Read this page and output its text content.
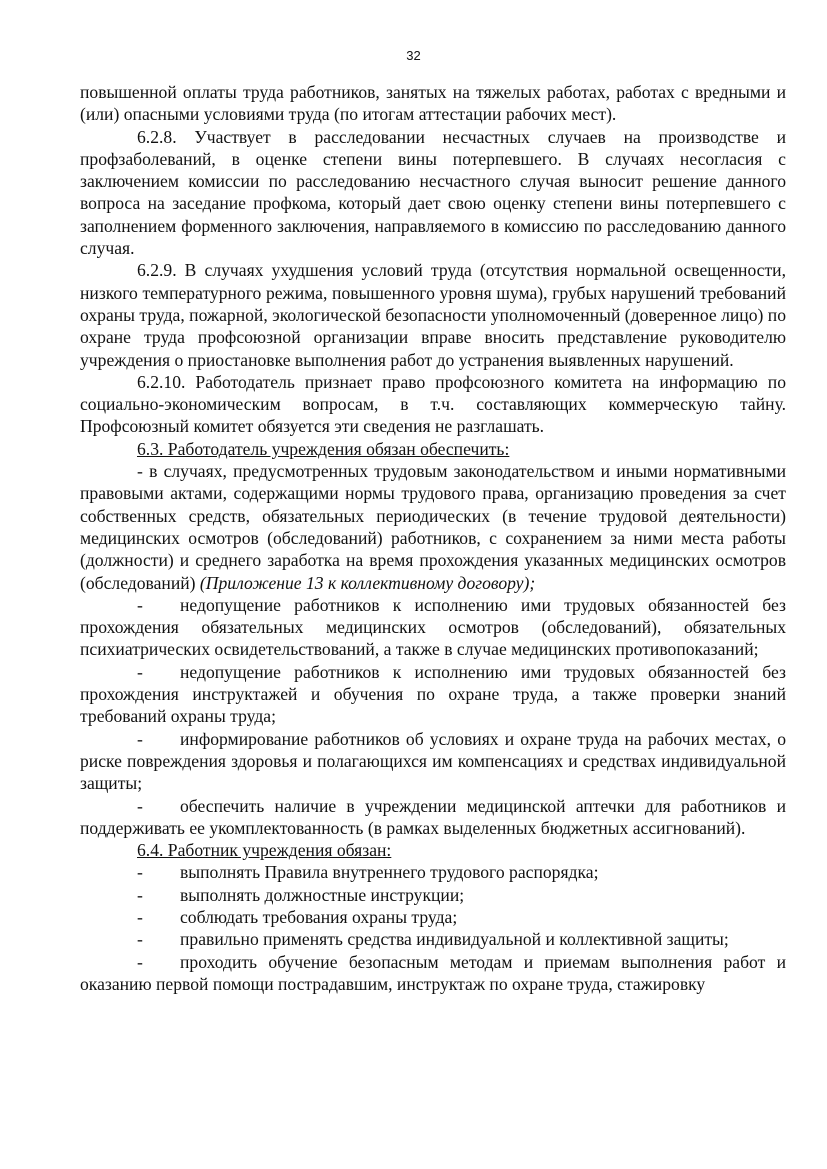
32

повышенной оплаты труда работников, занятых на тяжелых работах, работах с вредными и (или) опасными условиями труда (по итогам аттестации рабочих мест).

6.2.8. Участвует в расследовании несчастных случаев на производстве и профзаболеваний, в оценке степени вины потерпевшего. В случаях несогласия с заключением комиссии по расследованию несчастного случая выносит решение данного вопроса на заседание профкома, который дает свою оценку степени вины потерпевшего с заполнением форменного заключения, направляемого в комиссию по расследованию данного случая.

6.2.9. В случаях ухудшения условий труда (отсутствия нормальной освещенности, низкого температурного режима, повышенного уровня шума), грубых нарушений требований охраны труда, пожарной, экологической безопасности уполномоченный (доверенное лицо) по охране труда профсоюзной организации вправе вносить представление руководителю учреждения о приостановке выполнения работ до устранения выявленных нарушений.

6.2.10. Работодатель признает право профсоюзного комитета на информацию по социально-экономическим вопросам, в т.ч. составляющих коммерческую тайну. Профсоюзный комитет обязуется эти сведения не разглашать.

6.3. Работодатель учреждения обязан обеспечить:

- в случаях, предусмотренных трудовым законодательством и иными нормативными правовыми актами, содержащими нормы трудового права, организацию проведения за счет собственных средств, обязательных периодических (в течение трудовой деятельности) медицинских осмотров (обследований) работников, с сохранением за ними места работы (должности) и среднего заработка на время прохождения указанных медицинских осмотров (обследований) (Приложение 13 к коллективному договору);

- недопущение работников к исполнению ими трудовых обязанностей без прохождения обязательных медицинских осмотров (обследований), обязательных психиатрических освидетельствований, а также в случае медицинских противопоказаний;

- недопущение работников к исполнению ими трудовых обязанностей без прохождения инструктажей и обучения по охране труда, а также проверки знаний требований охраны труда;

- информирование работников об условиях и охране труда на рабочих местах, о риске повреждения здоровья и полагающихся им компенсациях и средствах индивидуальной защиты;

- обеспечить наличие в учреждении медицинской аптечки для работников и поддерживать ее укомплектованность (в рамках выделенных бюджетных ассигнований).

6.4. Работник учреждения обязан:

- выполнять Правила внутреннего трудового распорядка;

- выполнять должностные инструкции;

- соблюдать требования охраны труда;

- правильно применять средства индивидуальной и коллективной защиты;

- проходить обучение безопасным методам и приемам выполнения работ и оказанию первой помощи пострадавшим, инструктаж по охране труда, стажировку
